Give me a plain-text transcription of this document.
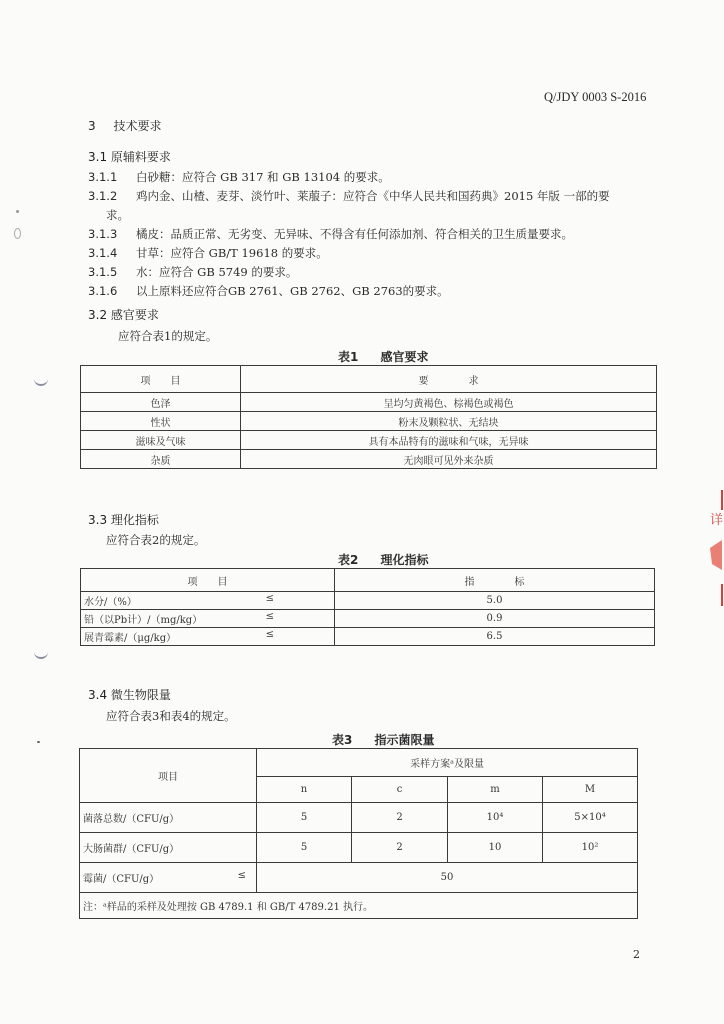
Q/JDY 0003 S-2016
3 技术要求
3.1 原辅料要求
3.1.1 白砂糖：应符合 GB 317 和 GB 13104 的要求。
3.1.2 鸡内金、山楂、麦芽、淡竹叶、莱菔子：应符合《中华人民共和国药典》2015 年版 一部的要
求。
3.1.3 橘皮：品质正常、无劣变、无异味、不得含有任何添加剂、符合相关的卫生质量要求。
3.1.4 甘草：应符合 GB/T 19618 的要求。
3.1.5 水：应符合 GB 5749 的要求。
3.1.6 以上原料还应符合GB 2761、GB 2762、GB 2763的要求。
3.2 感官要求
应符合表1的规定。
表1 感官要求
项　　目	要　　　　求
色泽	呈均匀黄褐色、棕褐色或褐色
性状	粉末及颗粒状、无结块
滋味及气味	具有本品特有的滋味和气味，无异味
杂质	无肉眼可见外来杂质
3.3 理化指标
应符合表2的规定。
表2 理化指标
项　　目	指　　　　标
水分/（%） ≤	5.0
铅（以Pb计）/（mg/kg） ≤	0.9
展青霉素/（μg/kg） ≤	6.5
3.4 微生物限量
应符合表3和表4的规定。
表3 指示菌限量
项目	采样方案ᵃ及限量			
	n	c	m	M
菌落总数/（CFU/g）	5	2	10⁴	5×10⁴
大肠菌群/（CFU/g）	5	2	10	10²
霉菌/（CFU/g） ≤	50			
注：ᵃ样品的采样及处理按 GB 4789.1 和 GB/T 4789.21 执行。				
2
详
